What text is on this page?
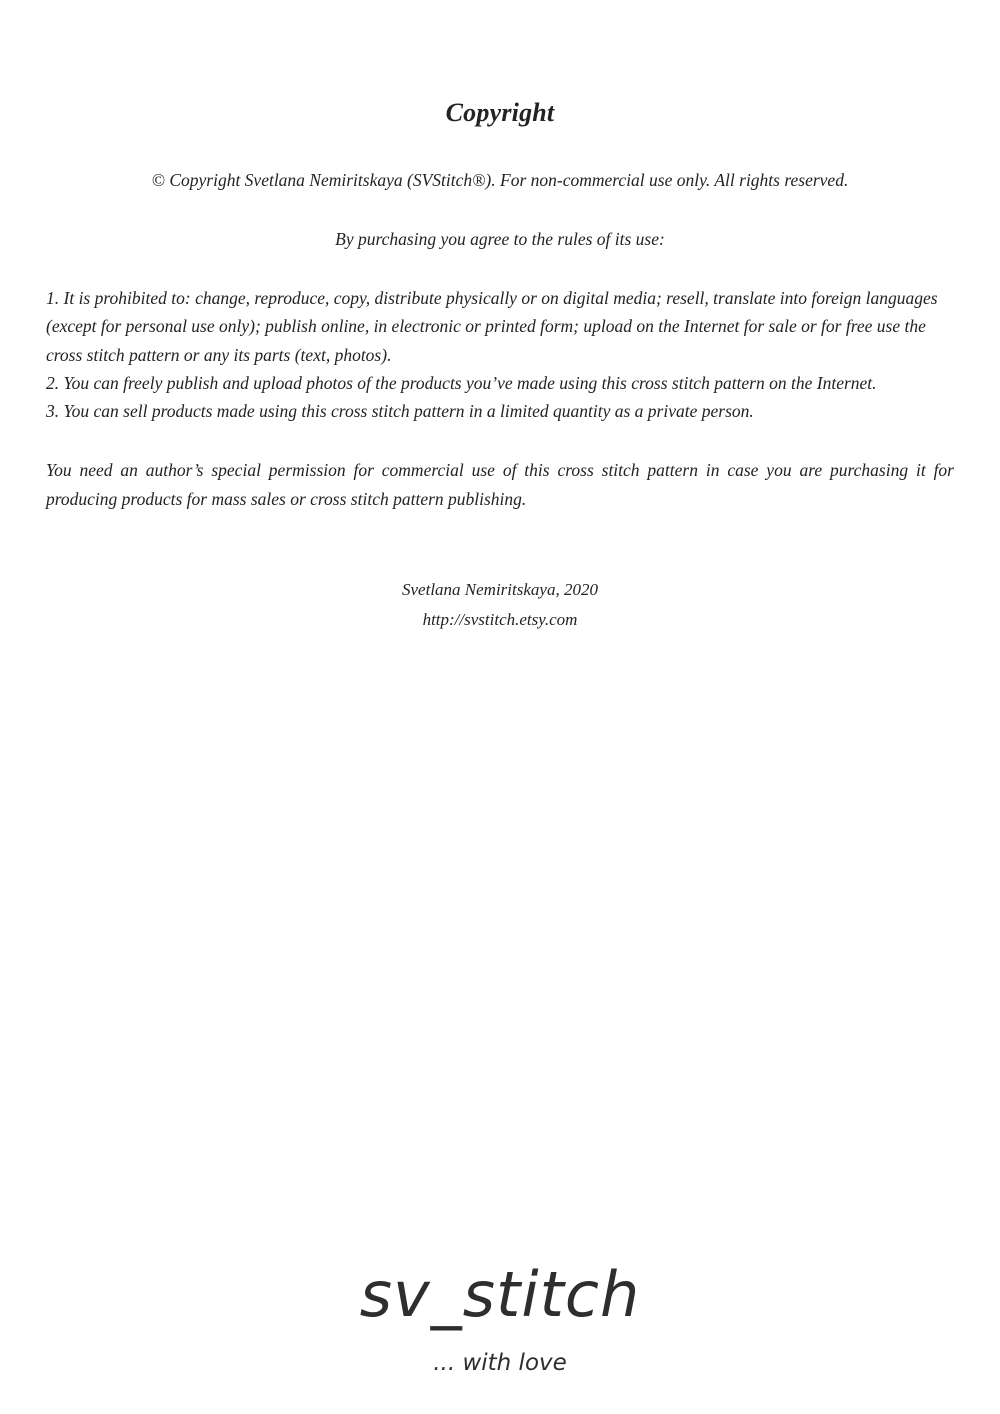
Copyright

© Copyright Svetlana Nemiritskaya (SVStitch®). For non-commercial use only. All rights reserved.

By purchasing you agree to the rules of its use:

1. It is prohibited to: change, reproduce, copy, distribute physically or on digital media; resell, translate into foreign languages (except for personal use only); publish online, in electronic or printed form; upload on the Internet for sale or for free use the cross stitch pattern or any its parts (text, photos).

2. You can freely publish and upload photos of the products you’ve made using this cross stitch pattern on the Internet.

3. You can sell products made using this cross stitch pattern in a limited quantity as a private person.

You need an author’s special permission for commercial use of this cross stitch pattern in case you are purchasing it for producing products for mass sales or cross stitch pattern publishing.

Svetlana Nemiritskaya, 2020
http://svstitch.etsy.com
sv_stitch
... with love
